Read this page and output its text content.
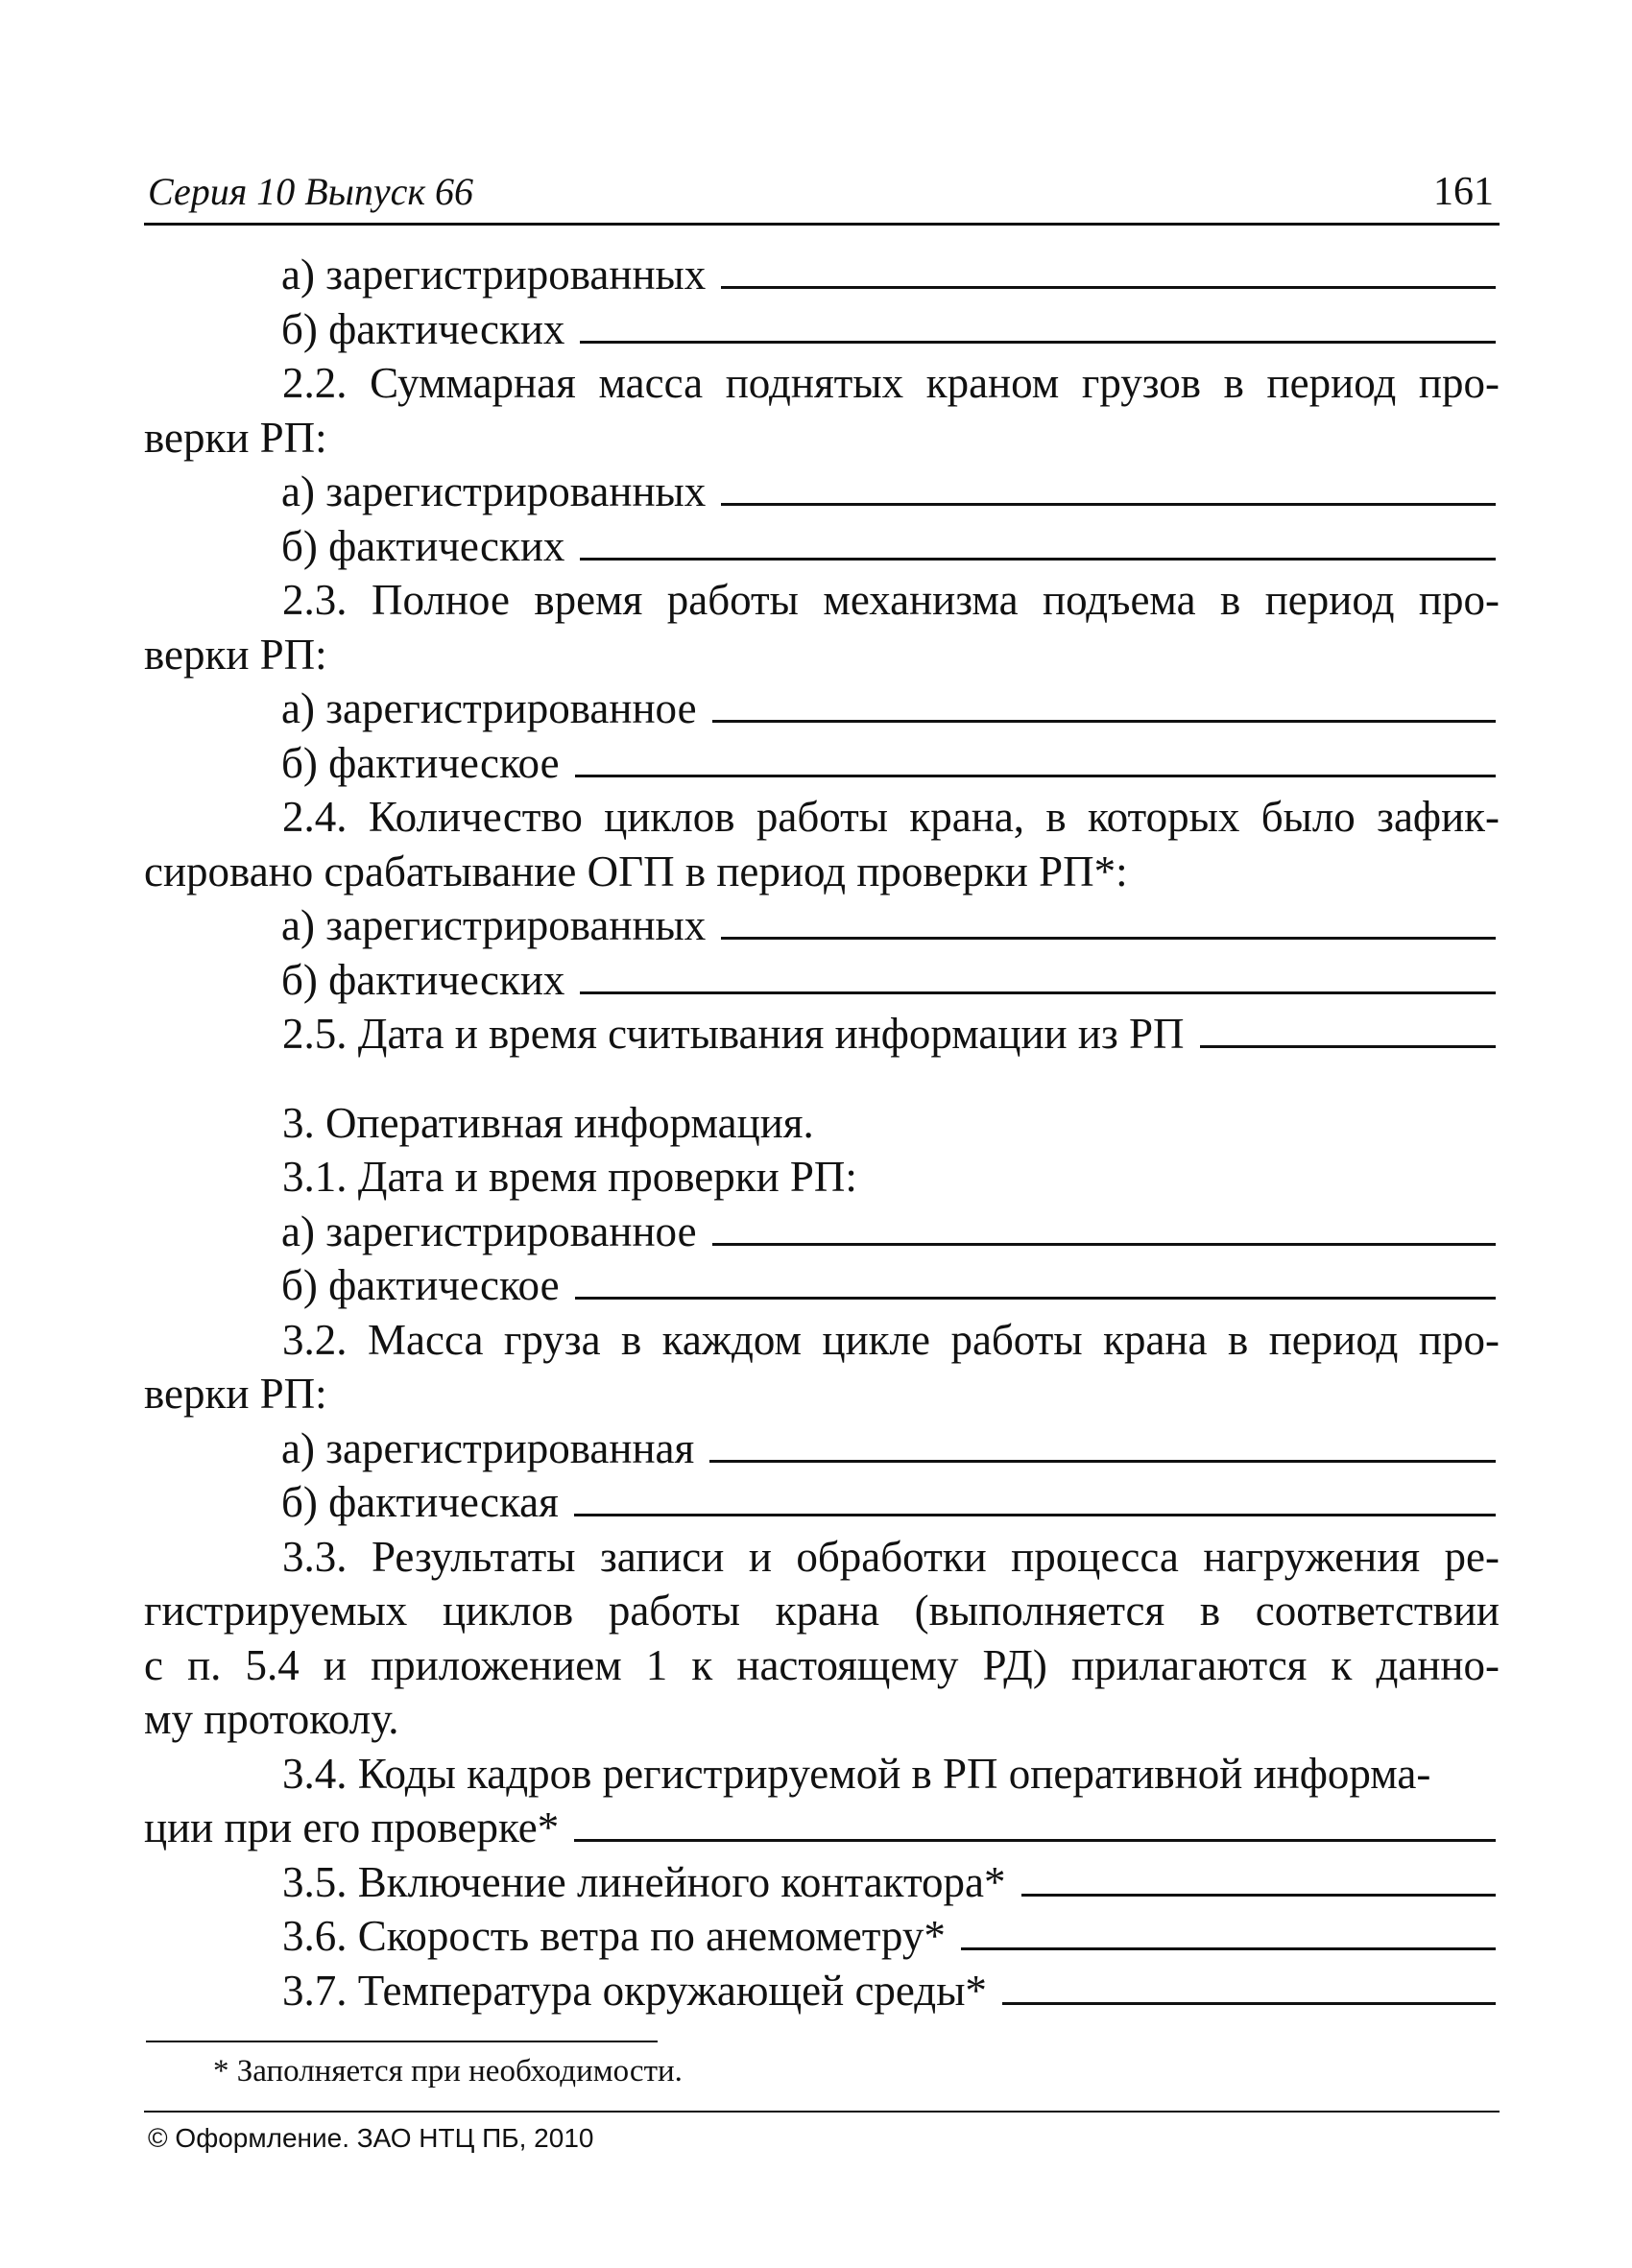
Серия 10 Выпуск 66	161
а) зарегистрированных
б) фактических
2.2. Суммарная масса поднятых краном грузов в период про-
верки РП:
а) зарегистрированных
б) фактических
2.3. Полное время работы механизма подъема в период про-
верки РП:
а) зарегистрированное
б) фактическое
2.4. Количество циклов работы крана, в которых было зафик-
сировано срабатывание ОГП в период проверки РП*:
а) зарегистрированных
б) фактических
2.5. Дата и время считывания информации из РП
3. Оперативная информация.
3.1. Дата и время проверки РП:
а) зарегистрированное
б) фактическое
3.2. Масса груза в каждом цикле работы крана в период про-
верки РП:
а) зарегистрированная
б) фактическая
3.3. Результаты записи и обработки процесса нагружения ре-
гистрируемых циклов работы крана (выполняется в соответствии
с п. 5.4 и приложением 1 к настоящему РД) прилагаются к данно-
му протоколу.
3.4. Коды кадров регистрируемой в РП оперативной информа-
ции при его проверке*
3.5. Включение линейного контактора*
3.6. Скорость ветра по анемометру*
3.7. Температура окружающей среды*
* Заполняется при необходимости.
© Оформление. ЗАО НТЦ ПБ, 2010
